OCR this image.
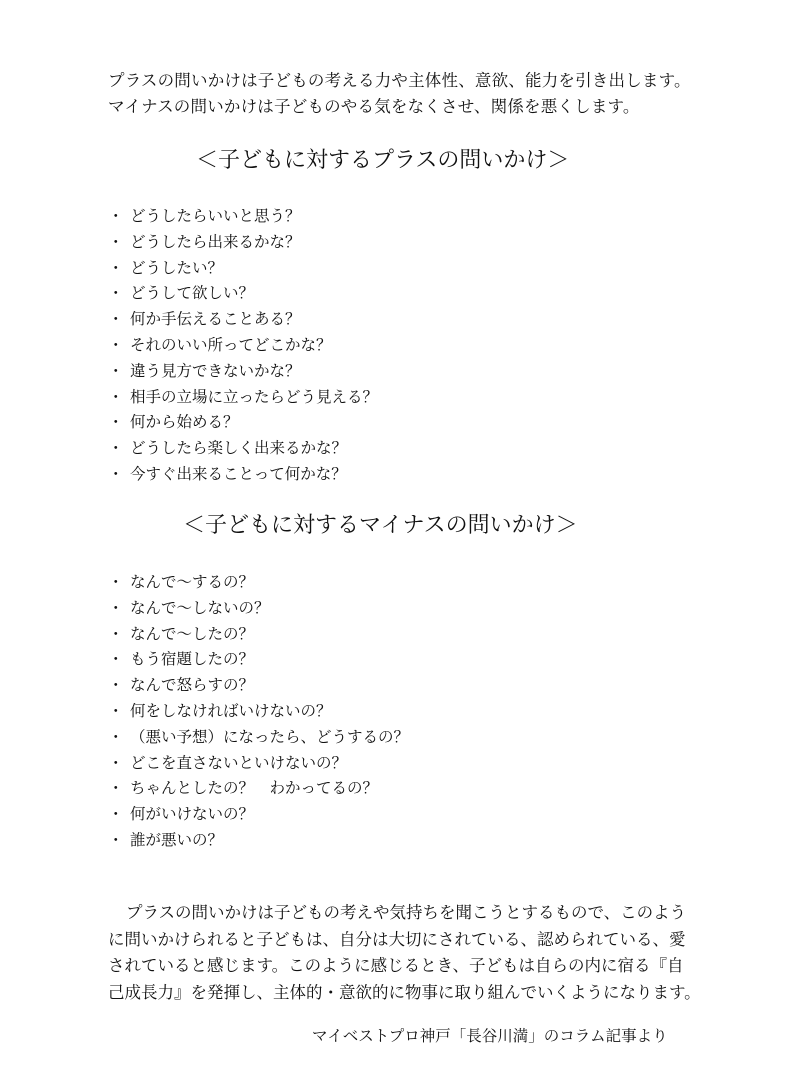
プラスの問いかけは子どもの考える力や主体性、意欲、能力を引き出します。
マイナスの問いかけは子どものやる気をなくさせ、関係を悪くします。
＜子どもに対するプラスの問いかけ＞
・ どうしたらいいと思う？
・ どうしたら出来るかな？
・ どうしたい？
・ どうして欲しい？
・ 何か手伝えることある？
・ それのいい所ってどこかな？
・ 違う見方できないかな？
・ 相手の立場に立ったらどう見える？
・ 何から始める？
・ どうしたら楽しく出来るかな？
・ 今すぐ出来ることって何かな？
＜子どもに対するマイナスの問いかけ＞
・ なんで〜するの？
・ なんで〜しないの？
・ なんで〜したの？
・ もう宿題したの？
・ なんで怒らすの？
・ 何をしなければいけないの？
・ （悪い予想）になったら、どうするの？
・ どこを直さないといけないの？
・ ちゃんとしたの？　わかってるの？
・ 何がいけないの？
・ 誰が悪いの？
プラスの問いかけは子どもの考えや気持ちを聞こうとするもので、このよう
に問いかけられると子どもは、自分は大切にされている、認められている、愛
されていると感じます。このように感じるとき、子どもは自らの内に宿る『自
己成長力』を発揮し、主体的・意欲的に物事に取り組んでいくようになります。
マイベストプロ神戸「長谷川満」のコラム記事より
